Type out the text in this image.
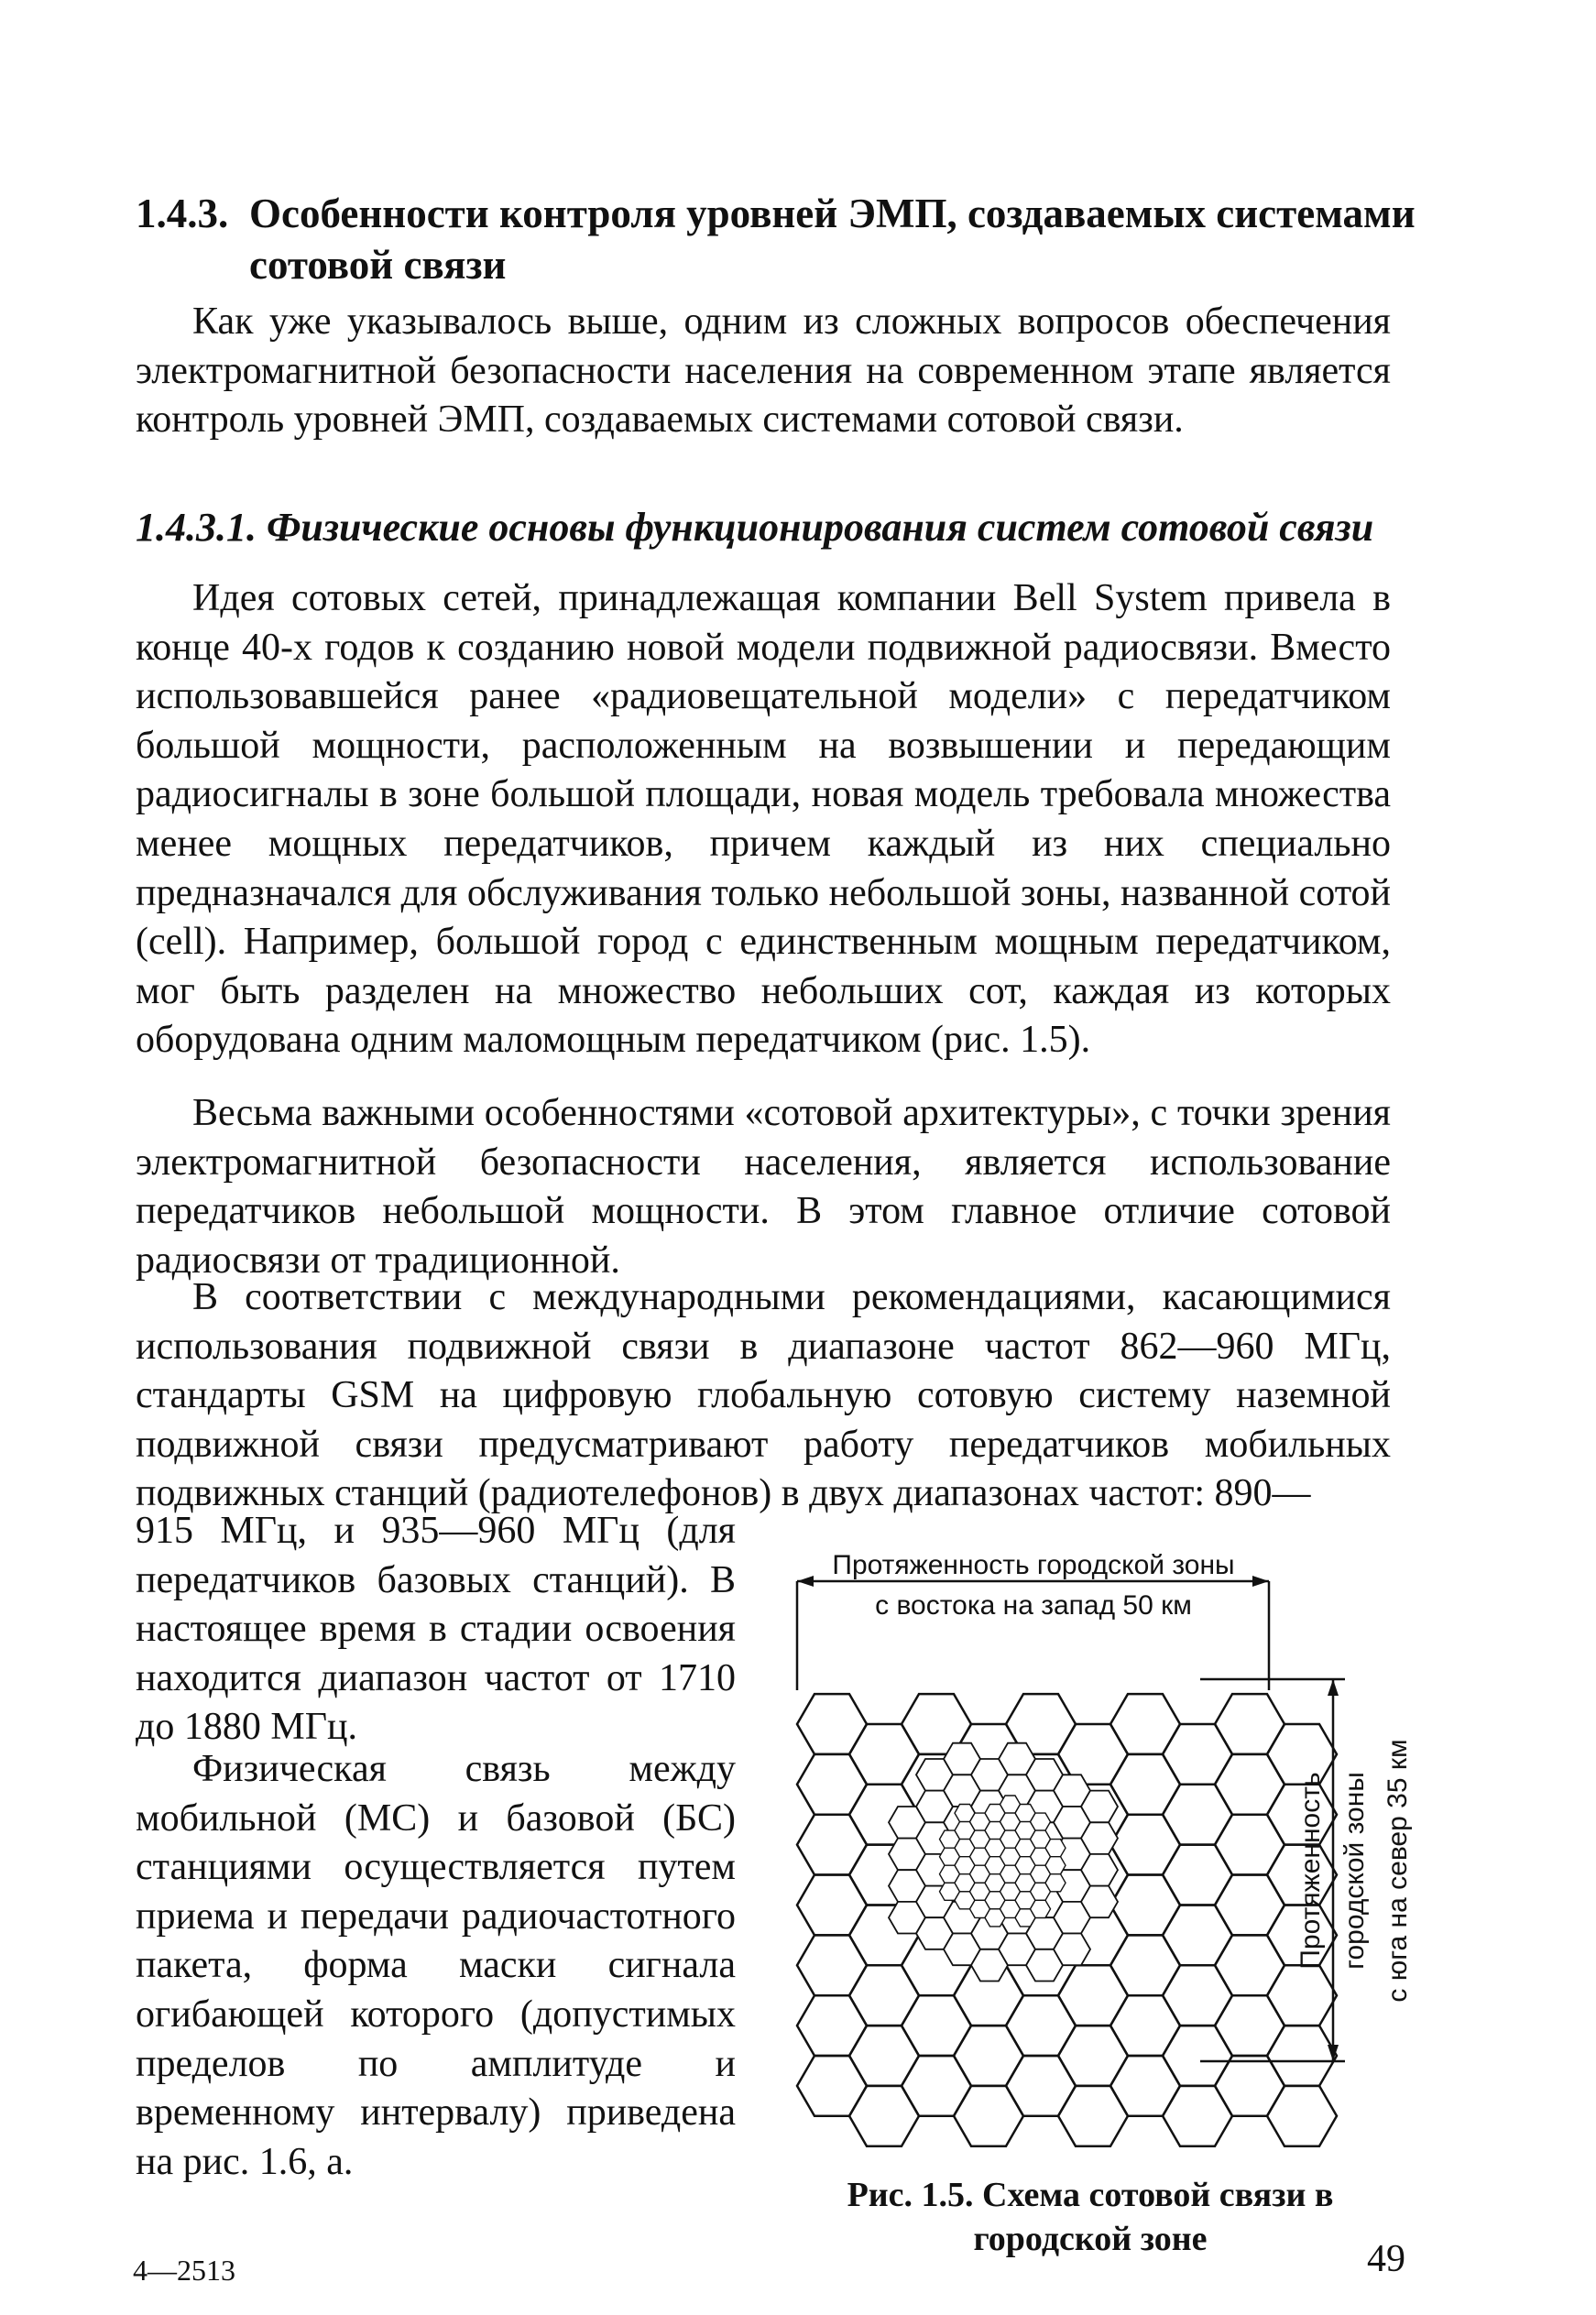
1.4.3. Особенности контроля уровней ЭМП, создаваемых системами
сотовой связи

Как уже указывалось выше, одним из сложных вопросов обеспечения электромагнитной безопасности населения на современном этапе является контроль уровней ЭМП, создаваемых системами сотовой связи.

1.4.3.1. Физические основы функционирования систем сотовой связи

Идея сотовых сетей, принадлежащая компании Bell System привела в конце 40-х годов к созданию новой модели подвижной радиосвязи. Вместо использовавшейся ранее «радиовещательной модели» с передатчиком большой мощности, расположенным на возвышении и передающим радиосигналы в зоне большой площади, новая модель требовала множества менее мощных передатчиков, причем каждый из них специально предназначался для обслуживания только небольшой зоны, названной сотой (cell). Например, большой город с единственным мощным передатчиком, мог быть разделен на множество небольших сот, каждая из которых оборудована одним маломощным передатчиком (рис. 1.5).

Весьма важными особенностями «сотовой архитектуры», с точки зрения электромагнитной безопасности населения, является использование передатчиков небольшой мощности. В этом главное отличие сотовой радиосвязи от традиционной.

В соответствии с международными рекомендациями, касающимися использования подвижной связи в диапазоне частот 862—960 МГц, стандарты GSM на цифровую глобальную сотовую систему наземной подвижной связи предусматривают работу передатчиков мобильных подвижных станций (радиотелефонов) в двух диапазонах частот: 890—

915 МГц, и 935—960 МГц (для передатчиков базовых станций). В настоящее время в стадии освоения находится диапазон частот от 1710 до 1880 МГц.

Физическая связь между мобильной (МС) и базовой (БС) станциями осуществляется путем приема и передачи радиочастотного пакета, форма маски сигнала огибающей которого (допустимых пределов по амплитуде и временному интервалу) приведена на рис. 1.6, а.

Протяженность городской зоны
с востока на запад 50 км
Протяженность городской зоны с юга на север 35 км
Рис. 1.5. Схема сотовой связи в
городской зоне
4—2513	49
